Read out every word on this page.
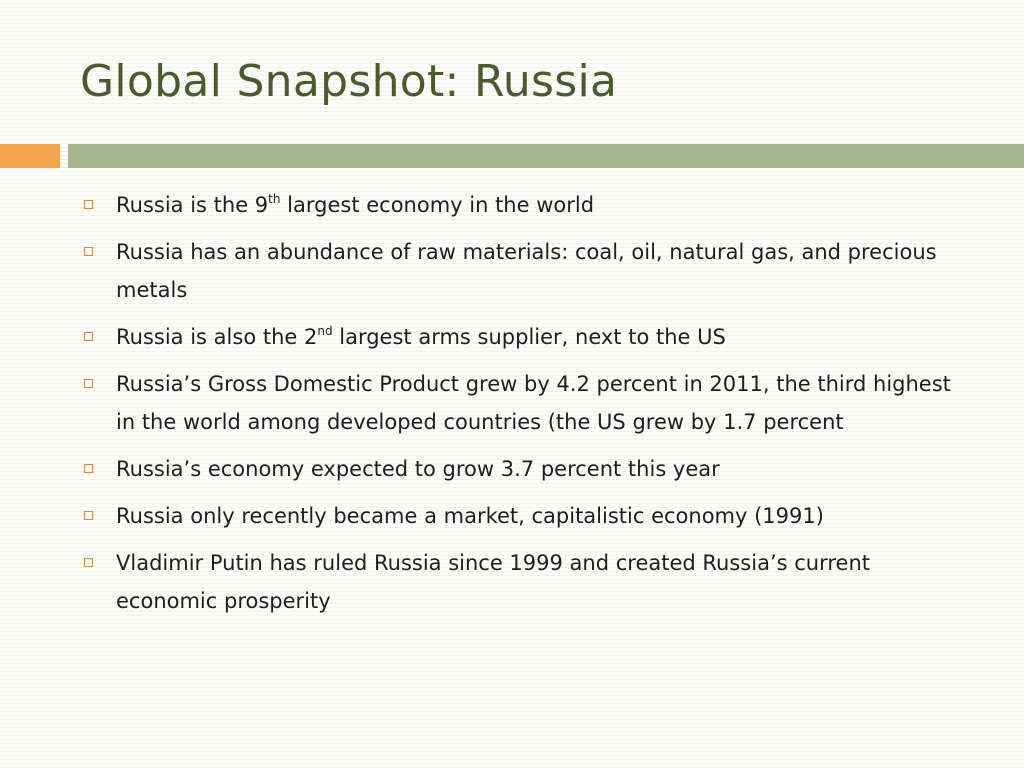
Global Snapshot: Russia
Russia is the 9th largest economy in the world
Russia has an abundance of raw materials: coal, oil, natural gas, and precious metals
Russia is also the 2nd largest arms supplier, next to the US
Russia’s Gross Domestic Product grew by 4.2 percent in 2011, the third highest in the world among developed countries (the US grew by 1.7 percent
Russia’s economy expected to grow 3.7 percent this year
Russia only recently became a market, capitalistic economy (1991)
Vladimir Putin has ruled Russia since 1999 and created Russia’s current economic prosperity
